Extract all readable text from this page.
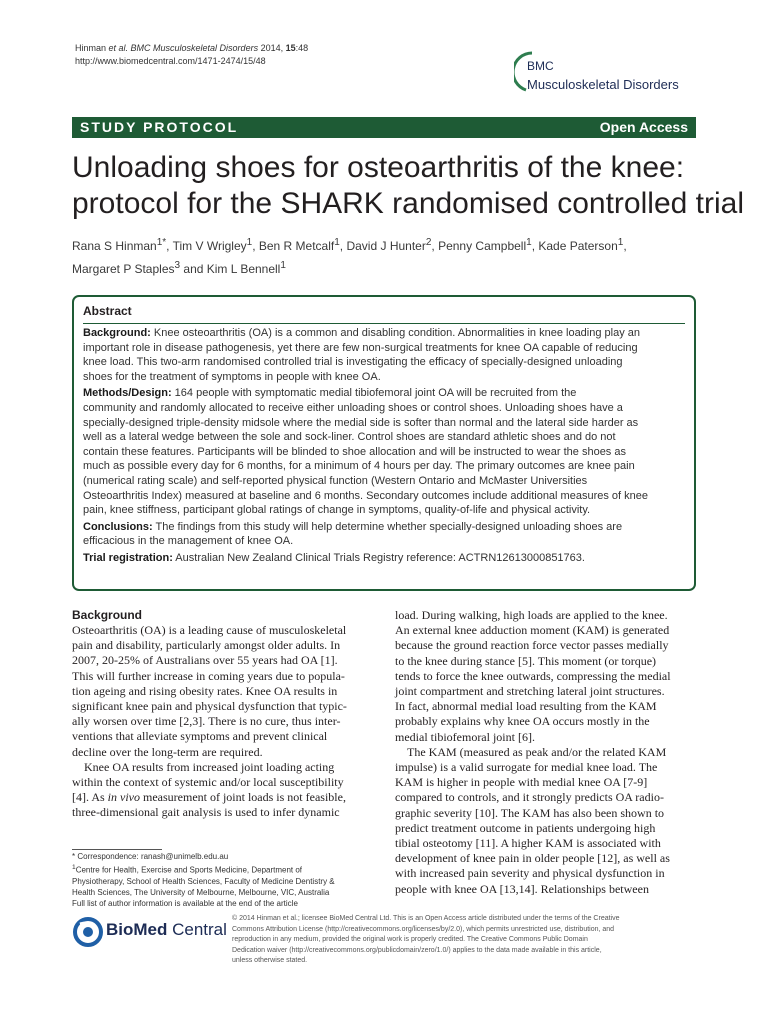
Hinman et al. BMC Musculoskeletal Disorders 2014, 15:48
http://www.biomedcentral.com/1471-2474/15/48	BMC
Musculoskeletal Disorders
STUDY PROTOCOL	Open Access
Unloading shoes for osteoarthritis of the knee:
protocol for the SHARK randomised controlled trial
Rana S Hinman$^{1*}$, Tim V Wrigley$^1$, Ben R Metcalf$^1$, David J Hunter$^2$, Penny Campbell$^1$, Kade Paterson$^1$,
Margaret P Staples$^3$ and Kim L Bennell$^1$
Abstract
Background: Knee osteoarthritis (OA) is a common and disabling condition. Abnormalities in knee loading play an
important role in disease pathogenesis, yet there are few non-surgical treatments for knee OA capable of reducing
knee load. This two-arm randomised controlled trial is investigating the efficacy of specially-designed unloading
shoes for the treatment of symptoms in people with knee OA.
Methods/Design: 164 people with symptomatic medial tibiofemoral joint OA will be recruited from the
community and randomly allocated to receive either unloading shoes or control shoes. Unloading shoes have a
specially-designed triple-density midsole where the medial side is softer than normal and the lateral side harder as
well as a lateral wedge between the sole and sock-liner. Control shoes are standard athletic shoes and do not
contain these features. Participants will be blinded to shoe allocation and will be instructed to wear the shoes as
much as possible every day for 6 months, for a minimum of 4 hours per day. The primary outcomes are knee pain
(numerical rating scale) and self-reported physical function (Western Ontario and McMaster Universities
Osteoarthritis Index) measured at baseline and 6 months. Secondary outcomes include additional measures of knee
pain, knee stiffness, participant global ratings of change in symptoms, quality-of-life and physical activity.
Conclusions: The findings from this study will help determine whether specially-designed unloading shoes are
efficacious in the management of knee OA.
Trial registration: Australian New Zealand Clinical Trials Registry reference: ACTRN12613000851763.
Background
Osteoarthritis (OA) is a leading cause of musculoskeletal
pain and disability, particularly amongst older adults. In
2007, 20-25% of Australians over 55 years had OA [1].
This will further increase in coming years due to popula-
tion ageing and rising obesity rates. Knee OA results in
significant knee pain and physical dysfunction that typic-
ally worsen over time [2,3]. There is no cure, thus inter-
ventions that alleviate symptoms and prevent clinical
decline over the long-term are required.
Knee OA results from increased joint loading acting
within the context of systemic and/or local susceptibility
[4]. As in vivo measurement of joint loads is not feasible,
three-dimensional gait analysis is used to infer dynamic
load. During walking, high loads are applied to the knee.
An external knee adduction moment (KAM) is generated
because the ground reaction force vector passes medially
to the knee during stance [5]. This moment (or torque)
tends to force the knee outwards, compressing the medial
joint compartment and stretching lateral joint structures.
In fact, abnormal medial load resulting from the KAM
probably explains why knee OA occurs mostly in the
medial tibiofemoral joint [6].
The KAM (measured as peak and/or the related KAM
impulse) is a valid surrogate for medial knee load. The
KAM is higher in people with medial knee OA [7-9]
compared to controls, and it strongly predicts OA radio-
graphic severity [10]. The KAM has also been shown to
predict treatment outcome in patients undergoing high
tibial osteotomy [11]. A higher KAM is associated with
development of knee pain in older people [12], as well as
with increased pain severity and physical dysfunction in
people with knee OA [13,14]. Relationships between
* Correspondence: ranash@unimelb.edu.au
$^1$Centre for Health, Exercise and Sports Medicine, Department of
Physiotherapy, School of Health Sciences, Faculty of Medicine Dentistry &
Health Sciences, The University of Melbourne, Melbourne, VIC, Australia
Full list of author information is available at the end of the article
BioMed Central
© 2014 Hinman et al.; licensee BioMed Central Ltd. This is an Open Access article distributed under the terms of the Creative
Commons Attribution License (http://creativecommons.org/licenses/by/2.0), which permits unrestricted use, distribution, and
reproduction in any medium, provided the original work is properly credited. The Creative Commons Public Domain
Dedication waiver (http://creativecommons.org/publicdomain/zero/1.0/) applies to the data made available in this article,
unless otherwise stated.
